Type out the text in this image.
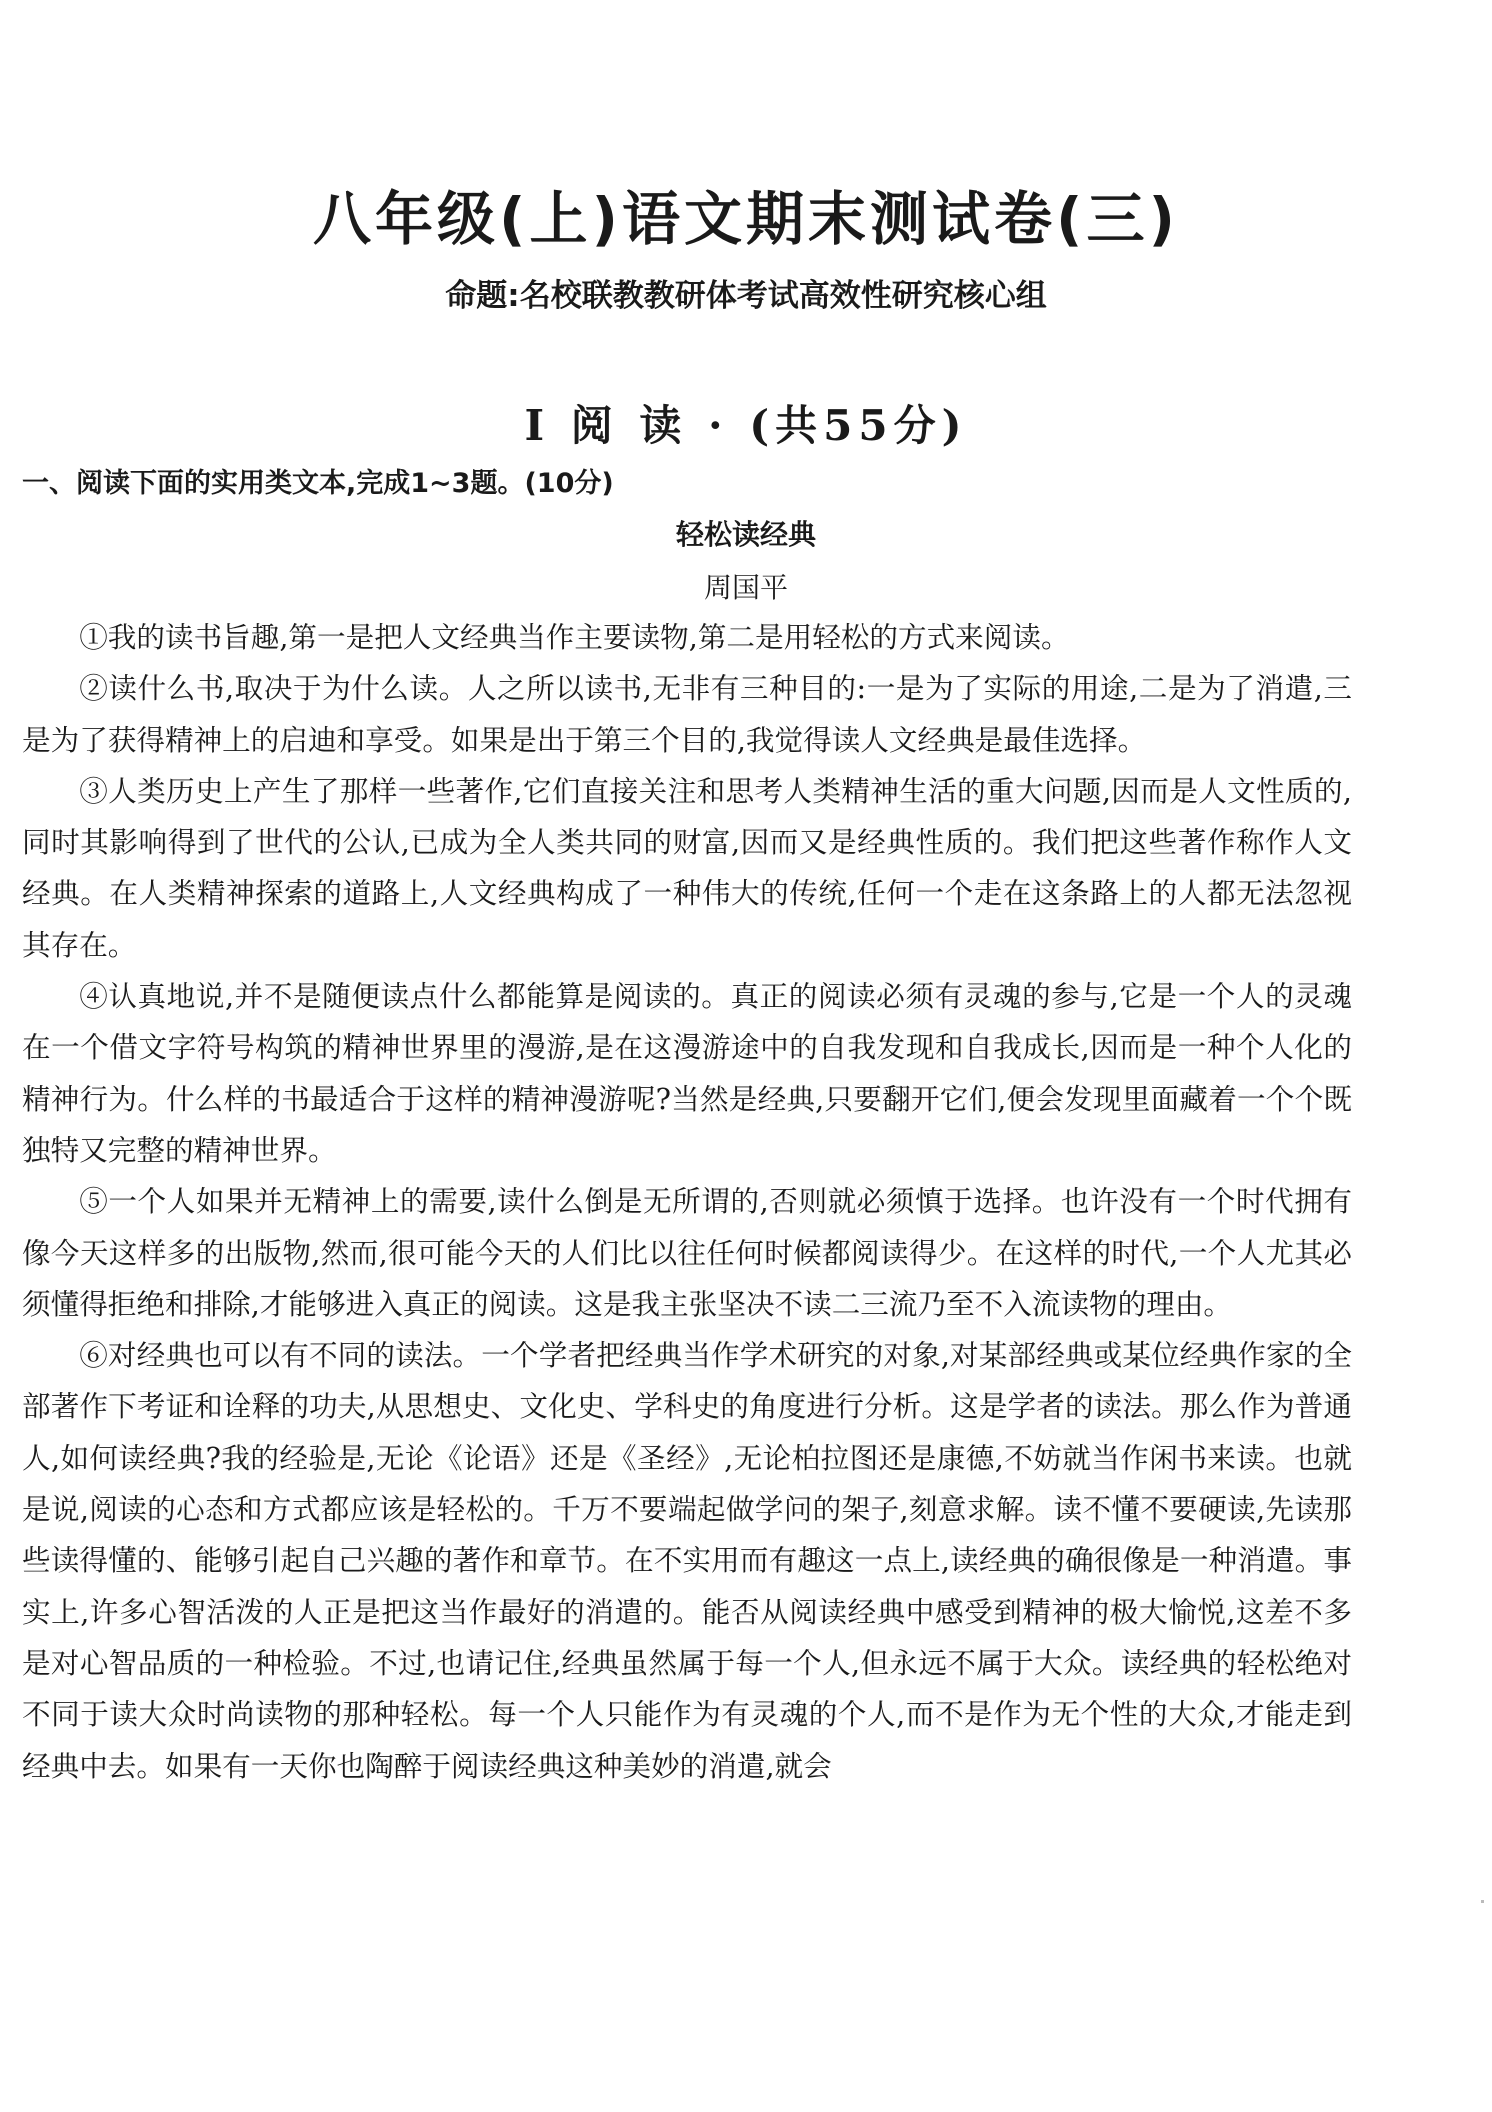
八年级(上)语文期末测试卷(三)
命题:名校联教教研体考试高效性研究核心组
Ⅰ 阅 读 · (共55分)
一、阅读下面的实用类文本,完成1~3题。(10分)
轻松读经典
周国平

①我的读书旨趣,第一是把人文经典当作主要读物,第二是用轻松的方式来阅读。

②读什么书,取决于为什么读。人之所以读书,无非有三种目的:一是为了实际的用途,二是为了消遣,三是为了获得精神上的启迪和享受。如果是出于第三个目的,我觉得读人文经典是最佳选择。

③人类历史上产生了那样一些著作,它们直接关注和思考人类精神生活的重大问题,因而是人文性质的,同时其影响得到了世代的公认,已成为全人类共同的财富,因而又是经典性质的。我们把这些著作称作人文经典。在人类精神探索的道路上,人文经典构成了一种伟大的传统,任何一个走在这条路上的人都无法忽视其存在。

④认真地说,并不是随便读点什么都能算是阅读的。真正的阅读必须有灵魂的参与,它是一个人的灵魂在一个借文字符号构筑的精神世界里的漫游,是在这漫游途中的自我发现和自我成长,因而是一种个人化的精神行为。什么样的书最适合于这样的精神漫游呢?当然是经典,只要翻开它们,便会发现里面藏着一个个既独特又完整的精神世界。

⑤一个人如果并无精神上的需要,读什么倒是无所谓的,否则就必须慎于选择。也许没有一个时代拥有像今天这样多的出版物,然而,很可能今天的人们比以往任何时候都阅读得少。在这样的时代,一个人尤其必须懂得拒绝和排除,才能够进入真正的阅读。这是我主张坚决不读二三流乃至不入流读物的理由。

⑥对经典也可以有不同的读法。一个学者把经典当作学术研究的对象,对某部经典或某位经典作家的全部著作下考证和诠释的功夫,从思想史、文化史、学科史的角度进行分析。这是学者的读法。那么作为普通人,如何读经典?我的经验是,无论《论语》还是《圣经》,无论柏拉图还是康德,不妨就当作闲书来读。也就是说,阅读的心态和方式都应该是轻松的。千万不要端起做学问的架子,刻意求解。读不懂不要硬读,先读那些读得懂的、能够引起自己兴趣的著作和章节。在不实用而有趣这一点上,读经典的确很像是一种消遣。事实上,许多心智活泼的人正是把这当作最好的消遣的。能否从阅读经典中感受到精神的极大愉悦,这差不多是对心智品质的一种检验。不过,也请记住,经典虽然属于每一个人,但永远不属于大众。读经典的轻松绝对不同于读大众时尚读物的那种轻松。每一个人只能作为有灵魂的个人,而不是作为无个性的大众,才能走到经典中去。如果有一天你也陶醉于阅读经典这种美妙的消遣,就会
